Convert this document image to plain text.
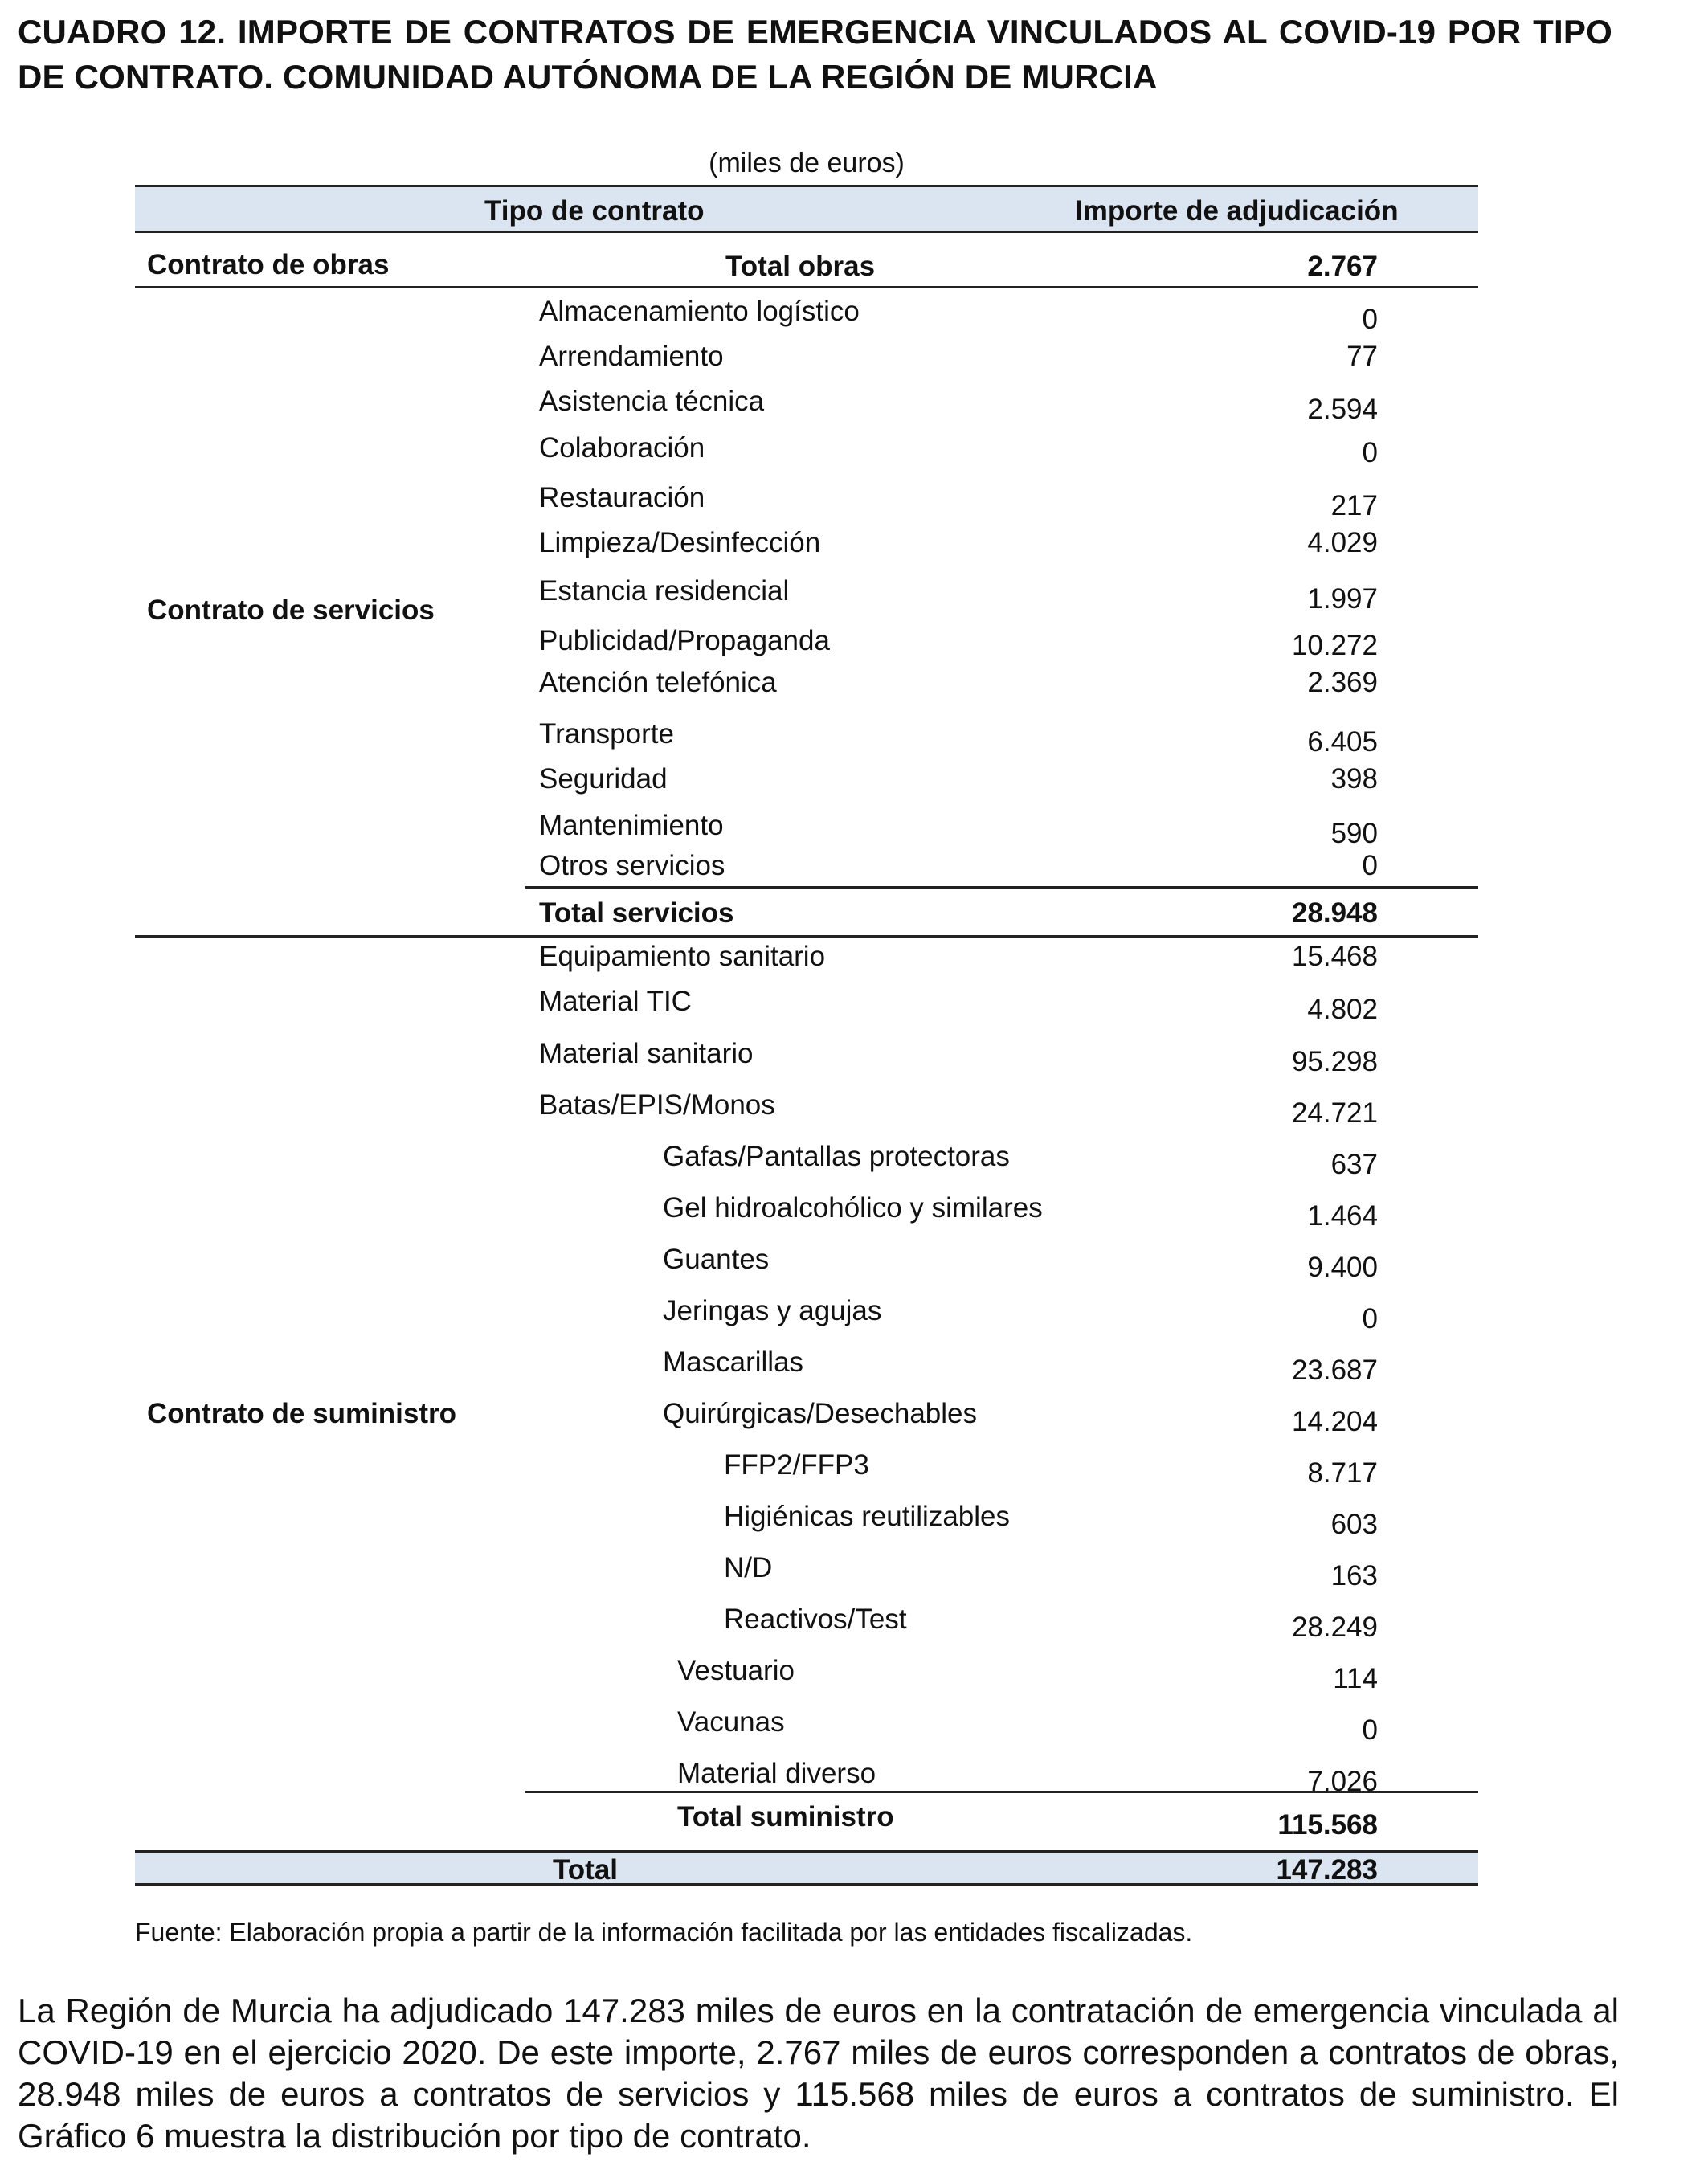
CUADRO 12. IMPORTE DE CONTRATOS DE EMERGENCIA VINCULADOS AL COVID-19 POR TIPO DE CONTRATO. COMUNIDAD AUTÓNOMA DE LA REGIÓN DE MURCIA
(miles de euros)
Tipo de contrato	Importe de adjudicación
Contrato de obras	Total obras	2.767
Contrato de servicios
Almacenamiento logístico	0
Arrendamiento	77
Asistencia técnica	2.594
Colaboración	0
Restauración	217
Limpieza/Desinfección	4.029
Estancia residencial	1.997
Publicidad/Propaganda	10.272
Atención telefónica	2.369
Transporte	6.405
Seguridad	398
Mantenimiento	590
Otros servicios	0
Total servicios	28.948
Contrato de suministro
Equipamiento sanitario	15.468
Material TIC	4.802
Material sanitario	95.298
Batas/EPIS/Monos	24.721
Gafas/Pantallas protectoras	637
Gel hidroalcohólico y similares	1.464
Guantes	9.400
Jeringas y agujas	0
Mascarillas	23.687
Quirúrgicas/Desechables	14.204
FFP2/FFP3	8.717
Higiénicas reutilizables	603
N/D	163
Reactivos/Test	28.249
Vestuario	114
Vacunas	0
Material diverso	7.026
Total suministro	115.568
Total	147.283
Fuente: Elaboración propia a partir de la información facilitada por las entidades fiscalizadas.
La Región de Murcia ha adjudicado 147.283 miles de euros en la contratación de emergencia vinculada al COVID-19 en el ejercicio 2020. De este importe, 2.767 miles de euros corresponden a contratos de obras, 28.948 miles de euros a contratos de servicios y 115.568 miles de euros a contratos de suministro. El Gráfico 6 muestra la distribución por tipo de contrato.
